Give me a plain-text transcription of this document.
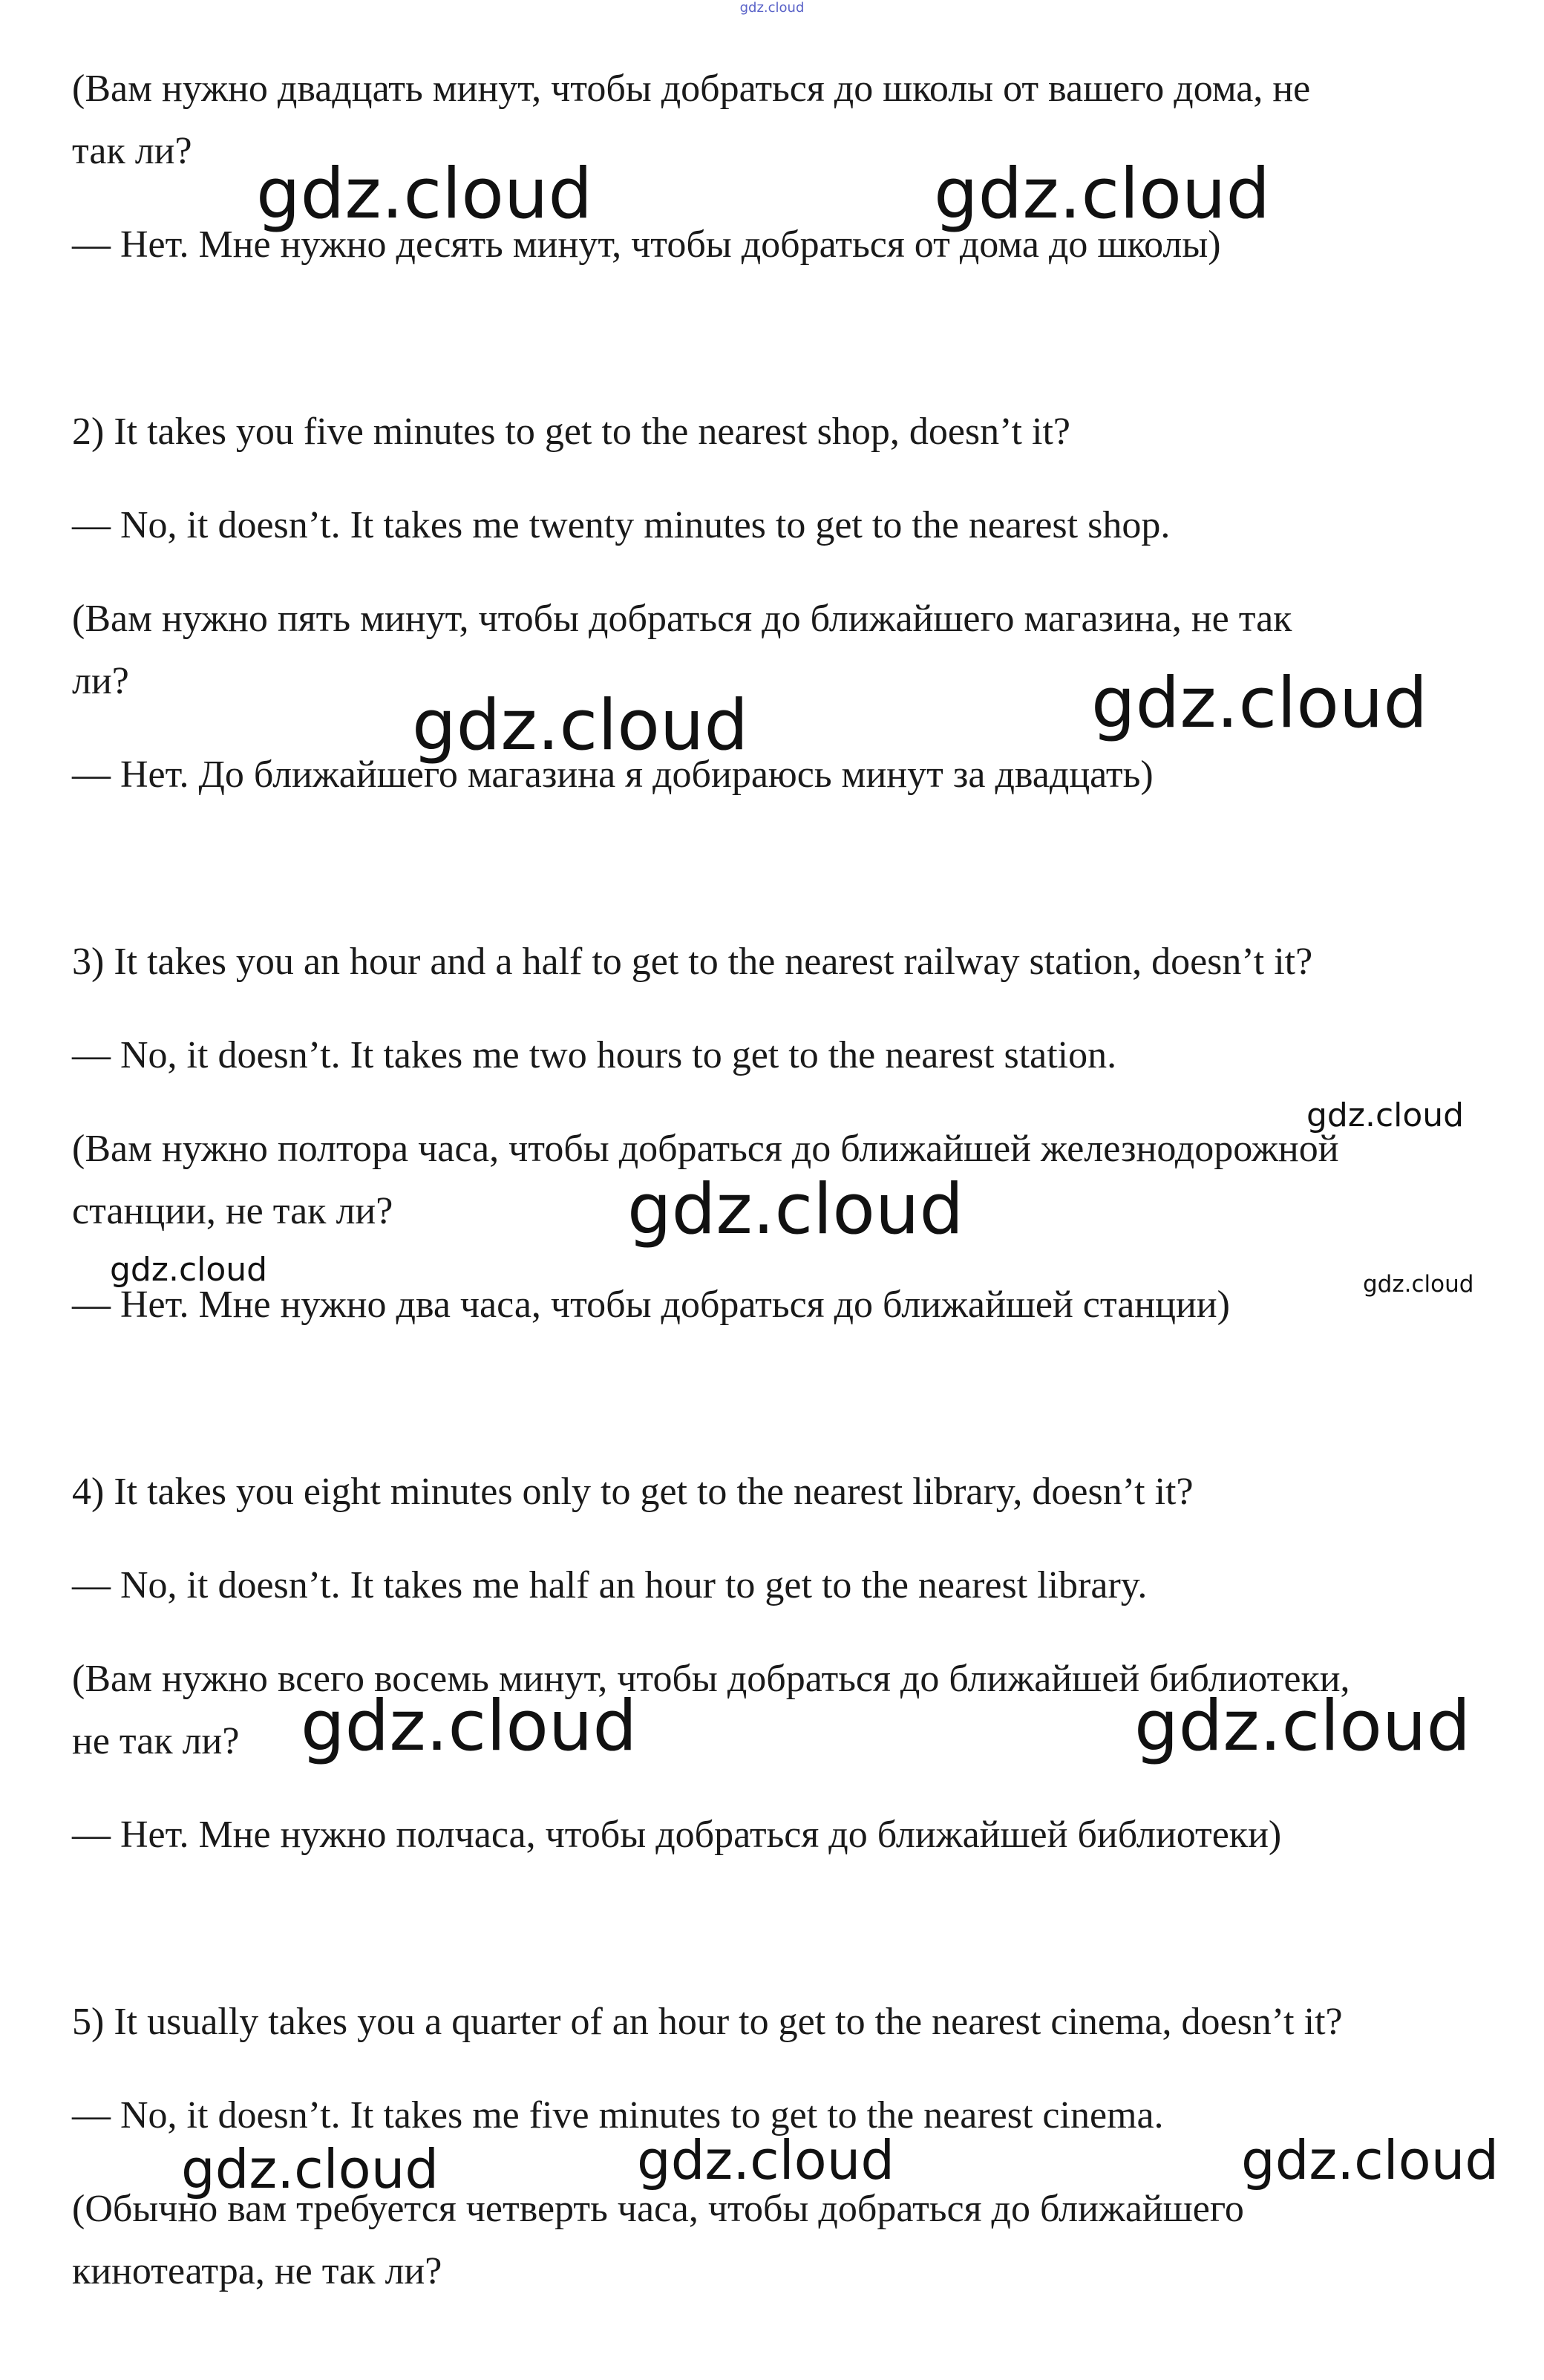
gdz.cloud
(Вам нужно двадцать минут, чтобы добраться до школы от вашего дома, не
так ли?
— Нет. Мне нужно десять минут, чтобы добраться от дома до школы)
2) It takes you five minutes to get to the nearest shop, doesn’t it?
— No, it doesn’t. It takes me twenty minutes to get to the nearest shop.
(Вам нужно пять минут, чтобы добраться до ближайшего магазина, не так
ли?
— Нет. До ближайшего магазина я добираюсь минут за двадцать)
3) It takes you an hour and a half to get to the nearest railway station, doesn’t it?
— No, it doesn’t. It takes me two hours to get to the nearest station.
(Вам нужно полтора часа, чтобы добраться до ближайшей железнодорожной
станции, не так ли?
— Нет. Мне нужно два часа, чтобы добраться до ближайшей станции)
4) It takes you eight minutes only to get to the nearest library, doesn’t it?
— No, it doesn’t. It takes me half an hour to get to the nearest library.
(Вам нужно всего восемь минут, чтобы добраться до ближайшей библиотеки,
не так ли?
— Нет. Мне нужно полчаса, чтобы добраться до ближайшей библиотеки)
5) It usually takes you a quarter of an hour to get to the nearest cinema, doesn’t it?
— No, it doesn’t. It takes me five minutes to get to the nearest cinema.
(Обычно вам требуется четверть часа, чтобы добраться до ближайшего
кинотеатра, не так ли?
gdz.cloud	gdz.cloud
gdz.cloud	gdz.cloud
gdz.cloud
gdz.cloud
gdz.cloud	gdz.cloud
gdz.cloud	gdz.cloud
gdz.cloud	gdz.cloud	gdz.cloud
